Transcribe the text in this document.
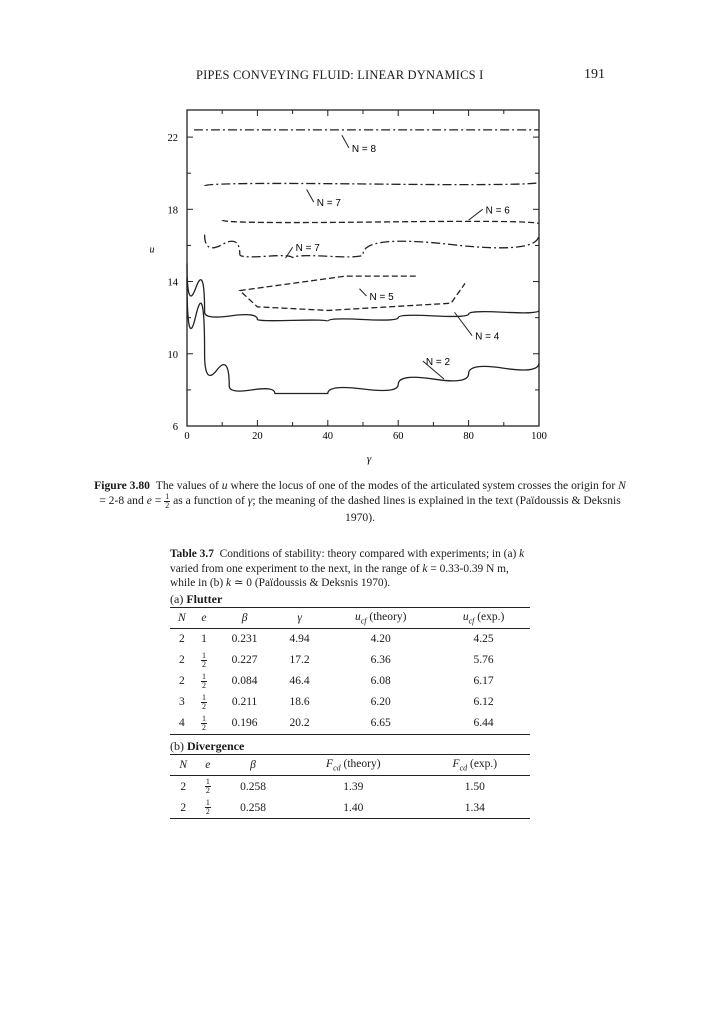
PIPES CONVEYING FLUID: LINEAR DYNAMICS I	191
0	20	40	60	80	100
6
10
14
18
22
γ
u
N = 8
N = 7
N = 6
N = 7
N = 5
N = 4
N = 2
Figure 3.80 The values of u where the locus of one of the modes of the articulated system crosses the origin for N = 2-8 and $e = \frac{1}{2}$ as a function of γ; the meaning of the dashed lines is explained in the text (Païdoussis & Deksnis 1970).
Table 3.7 Conditions of stability: theory compared with experiments; in (a) k varied from one experiment to the next, in the range of k = 0.33-0.39 N m, while in (b) k ≃ 0 (Païdoussis & Deksnis 1970).
(a) Flutter
N	e	β	γ	$u_{cf}$ (theory)	$u_{cf}$ (exp.)
2	1	0.231	4.94	4.20	4.25
2	$\frac{1}{2}$	0.227	17.2	6.36	5.76
2	$\frac{1}{2}$	0.084	46.4	6.08	6.17
3	$\frac{1}{2}$	0.211	18.6	6.20	6.12
4	$\frac{1}{2}$	0.196	20.2	6.65	6.44
(b) Divergence
N	e	β	$F_{cd}$ (theory)	$F_{cd}$ (exp.)
2	$\frac{1}{2}$	0.258	1.39	1.50
2	$\frac{1}{2}$	0.258	1.40	1.34
